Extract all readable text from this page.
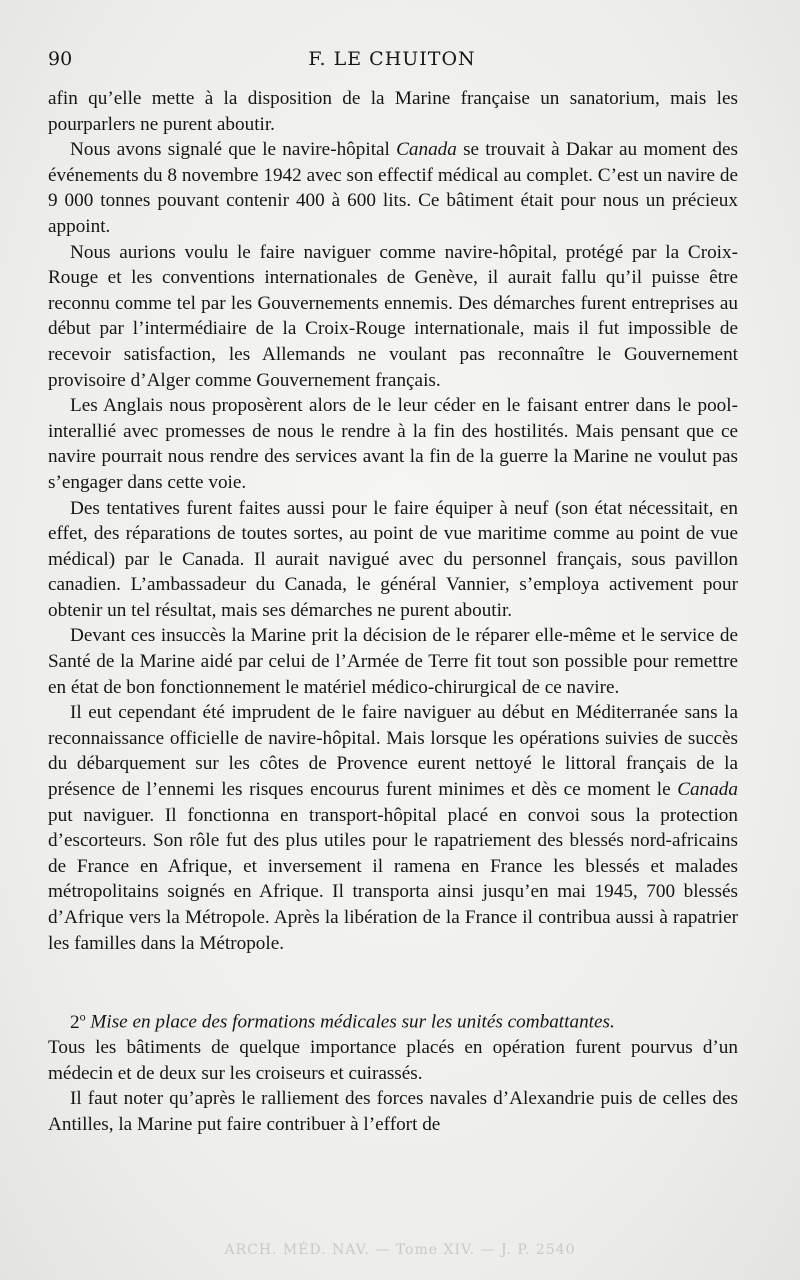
90	F. LE CHUITON

afin qu’elle mette à la disposition de la Marine française un sanatorium, mais les pourparlers ne purent aboutir.

Nous avons signalé que le navire-hôpital Canada se trouvait à Dakar au moment des événements du 8 novembre 1942 avec son effectif médical au complet. C’est un navire de 9 000 tonnes pouvant contenir 400 à 600 lits. Ce bâtiment était pour nous un précieux appoint.

Nous aurions voulu le faire naviguer comme navire-hôpital, protégé par la Croix-Rouge et les conventions internationales de Genève, il aurait fallu qu’il puisse être reconnu comme tel par les Gouvernements ennemis. Des démarches furent entreprises au début par l’intermédiaire de la Croix-Rouge internationale, mais il fut impossible de recevoir satisfaction, les Allemands ne voulant pas reconnaître le Gouvernement provisoire d’Alger comme Gouvernement français.

Les Anglais nous proposèrent alors de le leur céder en le faisant entrer dans le pool-interallié avec promesses de nous le rendre à la fin des hostilités. Mais pensant que ce navire pourrait nous rendre des services avant la fin de la guerre la Marine ne voulut pas s’engager dans cette voie.

Des tentatives furent faites aussi pour le faire équiper à neuf (son état nécessitait, en effet, des réparations de toutes sortes, au point de vue maritime comme au point de vue médical) par le Canada. Il aurait navigué avec du personnel français, sous pavillon canadien. L’ambassadeur du Canada, le général Vannier, s’employa activement pour obtenir un tel résultat, mais ses démarches ne purent aboutir.

Devant ces insuccès la Marine prit la décision de le réparer elle-même et le service de Santé de la Marine aidé par celui de l’Armée de Terre fit tout son possible pour remettre en état de bon fonctionnement le matériel médico-chirurgical de ce navire.

Il eut cependant été imprudent de le faire naviguer au début en Méditerranée sans la reconnaissance officielle de navire-hôpital. Mais lorsque les opérations suivies de succès du débarquement sur les côtes de Provence eurent nettoyé le littoral français de la présence de l’ennemi les risques encourus furent minimes et dès ce moment le Canada put naviguer. Il fonctionna en transport-hôpital placé en convoi sous la protection d’escorteurs. Son rôle fut des plus utiles pour le rapatriement des blessés nord-africains de France en Afrique, et inversement il ramena en France les blessés et malades métropolitains soignés en Afrique. Il transporta ainsi jusqu’en mai 1945, 700 blessés d’Afrique vers la Métropole. Après la libération de la France il contribua aussi à rapatrier les familles dans la Métropole.

2$^o$ Mise en place des formations médicales sur les unités combattantes.

Tous les bâtiments de quelque importance placés en opération furent pourvus d’un médecin et de deux sur les croiseurs et cuirassés.

Il faut noter qu’après le ralliement des forces navales d’Alexandrie puis de celles des Antilles, la Marine put faire contribuer à l’effort de

ARCH. MÉD. NAV. — Tome XIV. — J. P. 2540
